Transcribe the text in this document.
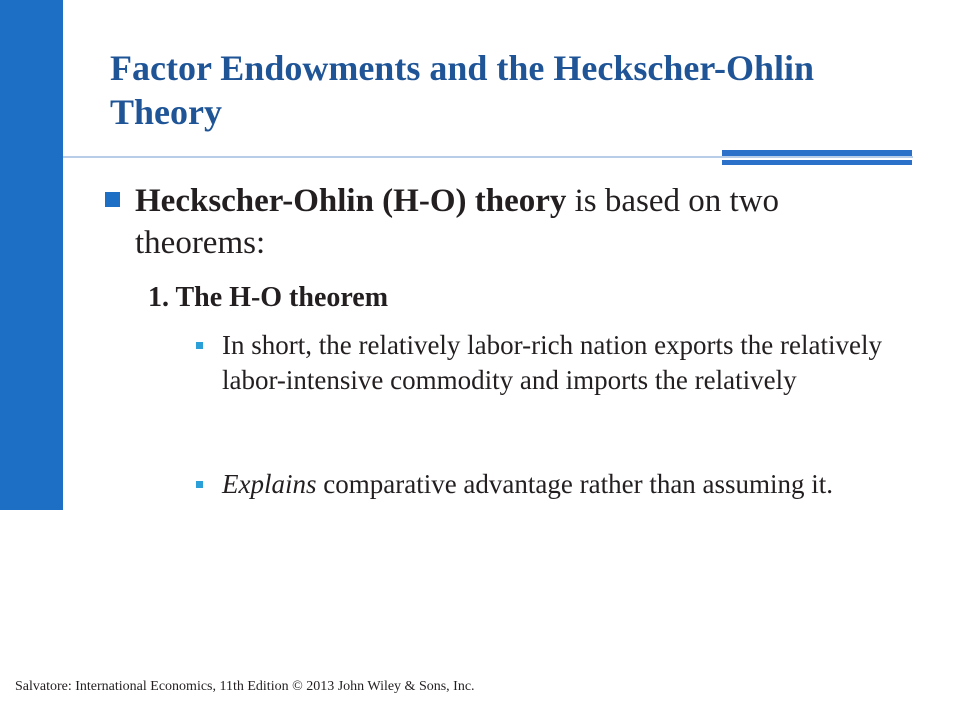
Factor Endowments and the Heckscher-Ohlin Theory
Heckscher-Ohlin (H-O) theory is based on two theorems:
1. The H-O theorem
In short, the relatively labor-rich nation exports the relatively labor-intensive commodity and imports the relatively
Explains comparative advantage rather than assuming it.
Salvatore: International Economics, 11th Edition © 2013 John Wiley & Sons, Inc.
